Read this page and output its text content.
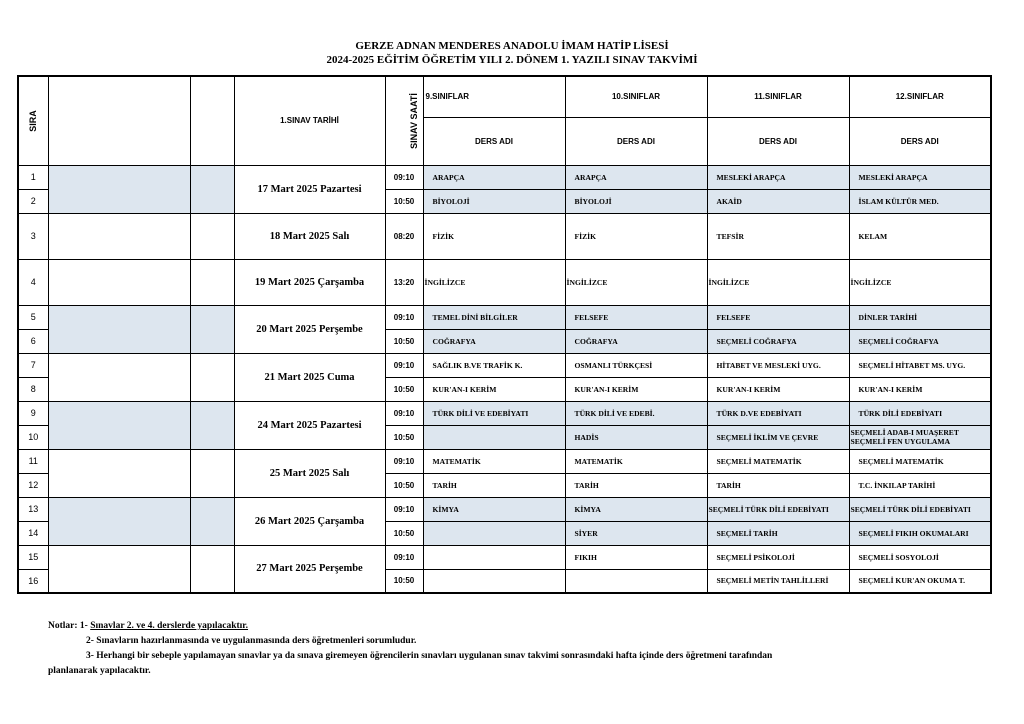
GERZE ADNAN MENDERES ANADOLU İMAM HATİP LİSESİ
2024-2025 EĞİTİM ÖĞRETİM YILI 2. DÖNEM 1. YAZILI SINAV TAKVİMİ
SIRA			1.SINAV TARİHİ	SINAV SAATİ	9.SINIFLAR	10.SINIFLAR	11.SINIFLAR	12.SINIFLAR
					DERS ADI	DERS ADI	DERS ADI	DERS ADI
1			17 Mart 2025 Pazartesi	09:10	ARAPÇA	ARAPÇA	MESLEKİ ARAPÇA	MESLEKİ ARAPÇA
2				10:50	BİYOLOJİ	BİYOLOJİ	AKAİD	İSLAM KÜLTÜR MED.
3			18 Mart 2025 Salı	08:20	FİZİK	FİZİK	TEFSİR	KELAM
4			19 Mart 2025 Çarşamba	13:20	İNGİLİZCE	İNGİLİZCE	İNGİLİZCE	İNGİLİZCE
5			20 Mart 2025 Perşembe	09:10	TEMEL DİNİ BİLGİLER	FELSEFE	FELSEFE	DİNLER TARİHİ
6				10:50	COĞRAFYA	COĞRAFYA	SEÇMELİ COĞRAFYA	SEÇMELİ COĞRAFYA
7			21 Mart 2025 Cuma	09:10	SAĞLIK B.VE TRAFİK K.	OSMANLI TÜRKÇESİ	HİTABET VE MESLEKİ UYG.	SEÇMELİ HİTABET MS. UYG.
8				10:50	KUR'AN-I KERİM	KUR'AN-I KERİM	KUR'AN-I KERİM	KUR'AN-I KERİM
9			24 Mart 2025 Pazartesi	09:10	TÜRK DİLİ VE EDEBİYATI	TÜRK DİLİ VE EDEBİ.	TÜRK D.VE EDEBİYATI	TÜRK DİLİ EDEBİYATI
10				10:50		HADİS	SEÇMELİ İKLİM VE ÇEVRE	SEÇMELİ ADAB-I MUAŞERET SEÇMELİ FEN UYGULAMA
11			25 Mart 2025 Salı	09:10	MATEMATİK	MATEMATİK	SEÇMELİ MATEMATİK	SEÇMELİ MATEMATİK
12				10:50	TARİH	TARİH	TARİH	T.C. İNKILAP TARİHİ
13			26 Mart 2025 Çarşamba	09:10	KİMYA	KİMYA	SEÇMELİ TÜRK DİLİ EDEBİYATI	SEÇMELİ TÜRK DİLİ EDEBİYATI
14				10:50		SİYER	SEÇMELİ TARİH	SEÇMELİ FIKIH OKUMALARI
15			27 Mart 2025 Perşembe	09:10		FIKIH	SEÇMELİ PSİKOLOJİ	SEÇMELİ SOSYOLOJİ
16				10:50			SEÇMELİ METİN TAHLİLLERİ	SEÇMELİ KUR'AN OKUMA T.
Notlar: 1- Sınavlar 2. ve 4. derslerde yapılacaktır.
2- Sınavların hazırlanmasında ve uygulanmasında ders öğretmenleri sorumludur.
3- Herhangi bir sebeple yapılamayan sınavlar ya da sınava giremeyen öğrencilerin sınavları uygulanan sınav takvimi sonrasındaki hafta içinde ders öğretmeni tarafından
planlanarak yapılacaktır.
